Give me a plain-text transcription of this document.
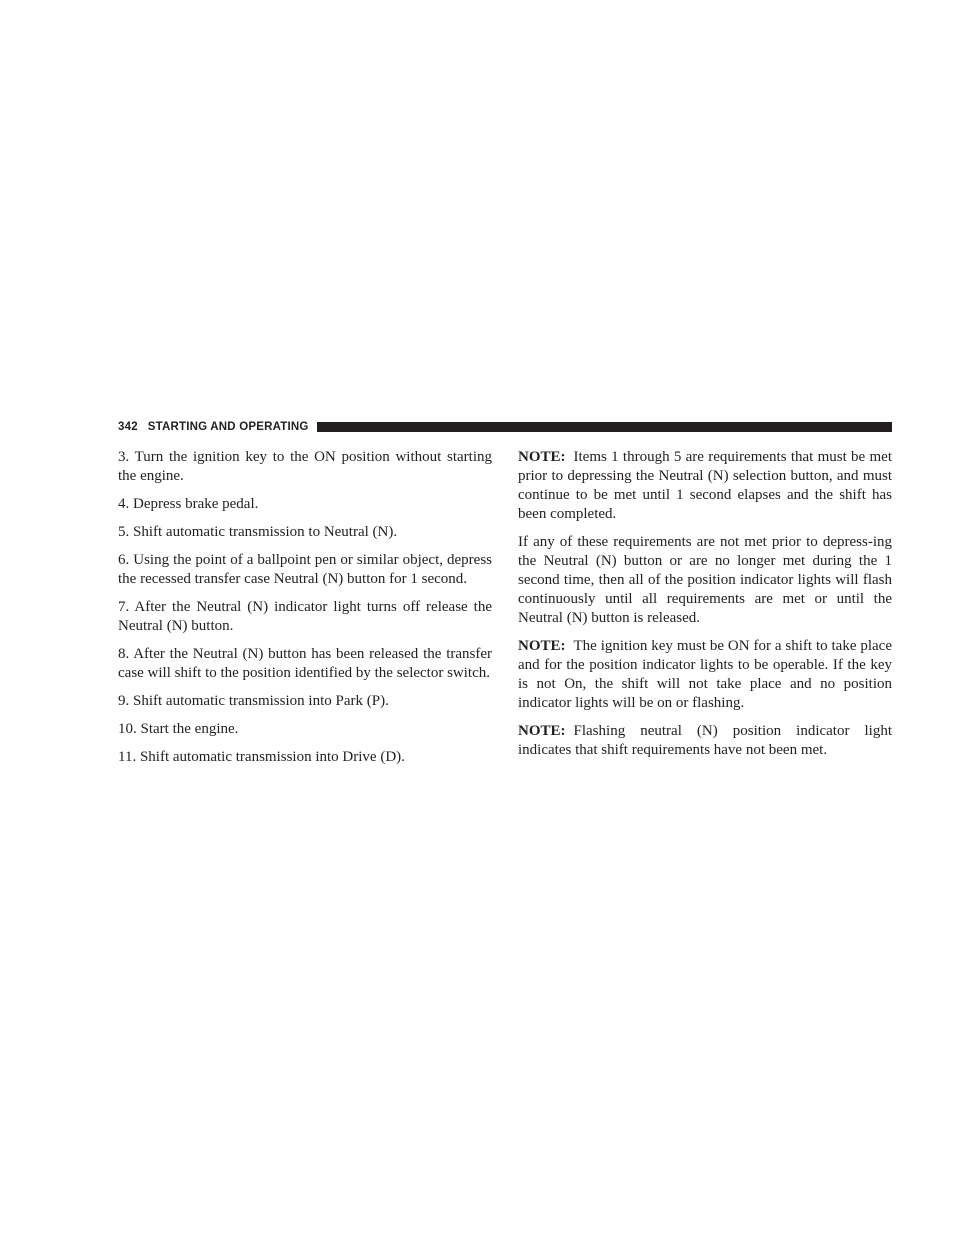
342 STARTING AND OPERATING

3. Turn the ignition key to the ON position without starting the engine.

4. Depress brake pedal.

5. Shift automatic transmission to Neutral (N).

6. Using the point of a ballpoint pen or similar object, depress the recessed transfer case Neutral (N) button for 1 second.

7. After the Neutral (N) indicator light turns off release the Neutral (N) button.

8. After the Neutral (N) button has been released the transfer case will shift to the position identified by the selector switch.

9. Shift automatic transmission into Park (P).

10. Start the engine.

11. Shift automatic transmission into Drive (D).

NOTE: Items 1 through 5 are requirements that must be met prior to depressing the Neutral (N) selection button, and must continue to be met until 1 second elapses and the shift has been completed.

If any of these requirements are not met prior to depress-ing the Neutral (N) button or are no longer met during the 1 second time, then all of the position indicator lights will flash continuously until all requirements are met or until the Neutral (N) button is released.

NOTE: The ignition key must be ON for a shift to take place and for the position indicator lights to be operable. If the key is not On, the shift will not take place and no position indicator lights will be on or flashing.

NOTE: Flashing neutral (N) position indicator light indicates that shift requirements have not been met.
